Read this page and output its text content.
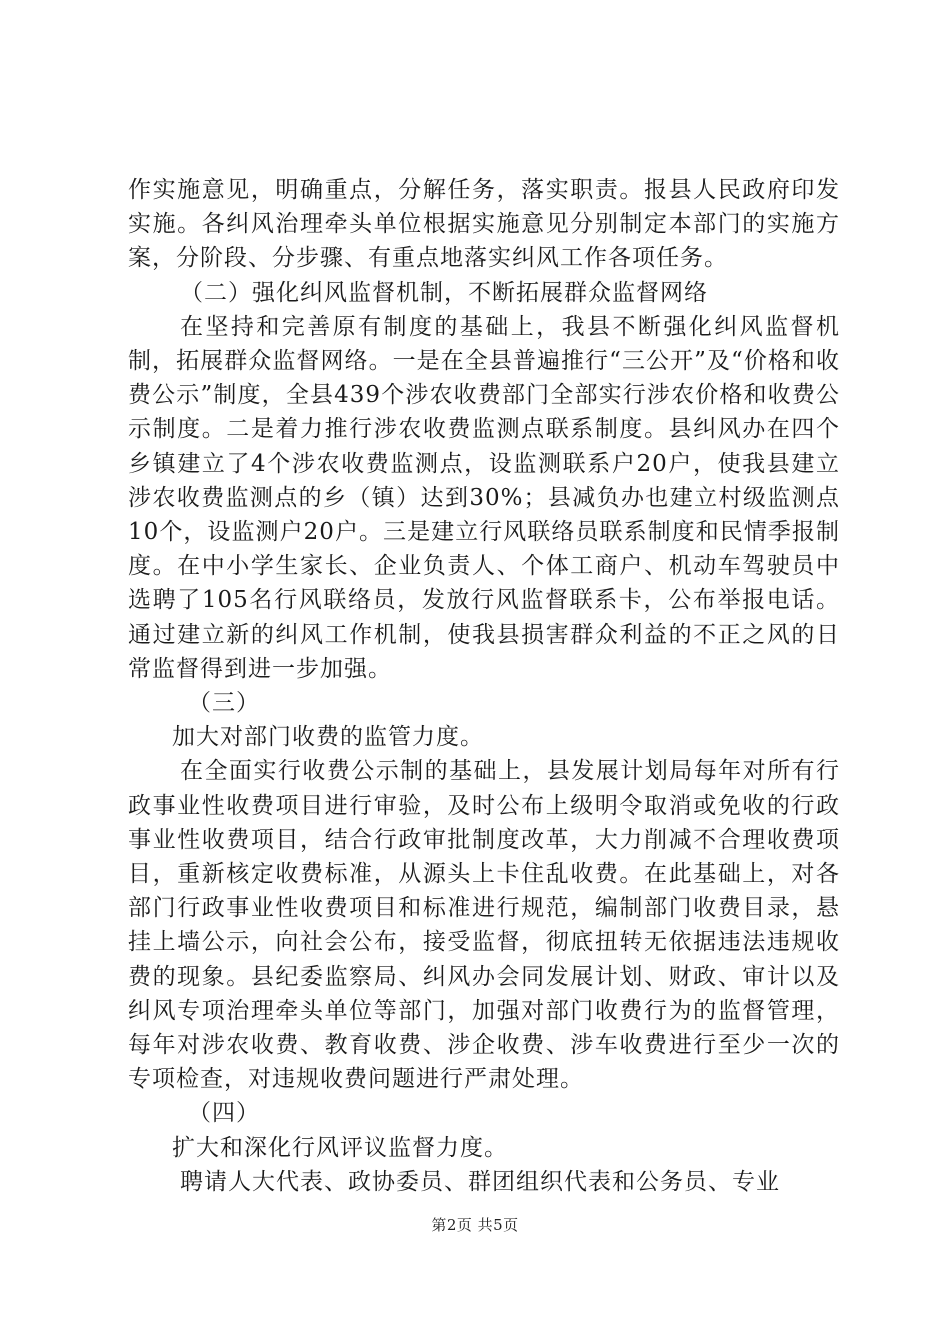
作实施意见，明确重点，分解任务，落实职责。报县人民政府印发实施。各纠风治理牵头单位根据实施意见分别制定本部门的实施方案，分阶段、分步骤、有重点地落实纠风工作各项任务。

（二）强化纠风监督机制，不断拓展群众监督网络

在坚持和完善原有制度的基础上，我县不断强化纠风监督机制，拓展群众监督网络。一是在全县普遍推行“三公开”及“价格和收费公示”制度，全县439个涉农收费部门全部实行涉农价格和收费公示制度。二是着力推行涉农收费监测点联系制度。县纠风办在四个乡镇建立了4个涉农收费监测点，设监测联系户20户，使我县建立涉农收费监测点的乡（镇）达到30%；县减负办也建立村级监测点10个，设监测户20户。三是建立行风联络员联系制度和民情季报制度。在中小学生家长、企业负责人、个体工商户、机动车驾驶员中选聘了105名行风联络员，发放行风监督联系卡，公布举报电话。通过建立新的纠风工作机制，使我县损害群众利益的不正之风的日常监督得到进一步加强。

（三）

加大对部门收费的监管力度。

在全面实行收费公示制的基础上，县发展计划局每年对所有行政事业性收费项目进行审验，及时公布上级明令取消或免收的行政事业性收费项目，结合行政审批制度改革，大力削减不合理收费项目，重新核定收费标准，从源头上卡住乱收费。在此基础上，对各部门行政事业性收费项目和标准进行规范，编制部门收费目录，悬挂上墙公示，向社会公布，接受监督，彻底扭转无依据违法违规收费的现象。县纪委监察局、纠风办会同发展计划、财政、审计以及纠风专项治理牵头单位等部门，加强对部门收费行为的监督管理，每年对涉农收费、教育收费、涉企收费、涉车收费进行至少一次的专项检查，对违规收费问题进行严肃处理。

（四）

扩大和深化行风评议监督力度。

聘请人大代表、政协委员、群团组织代表和公务员、专业

第2页 共5页
